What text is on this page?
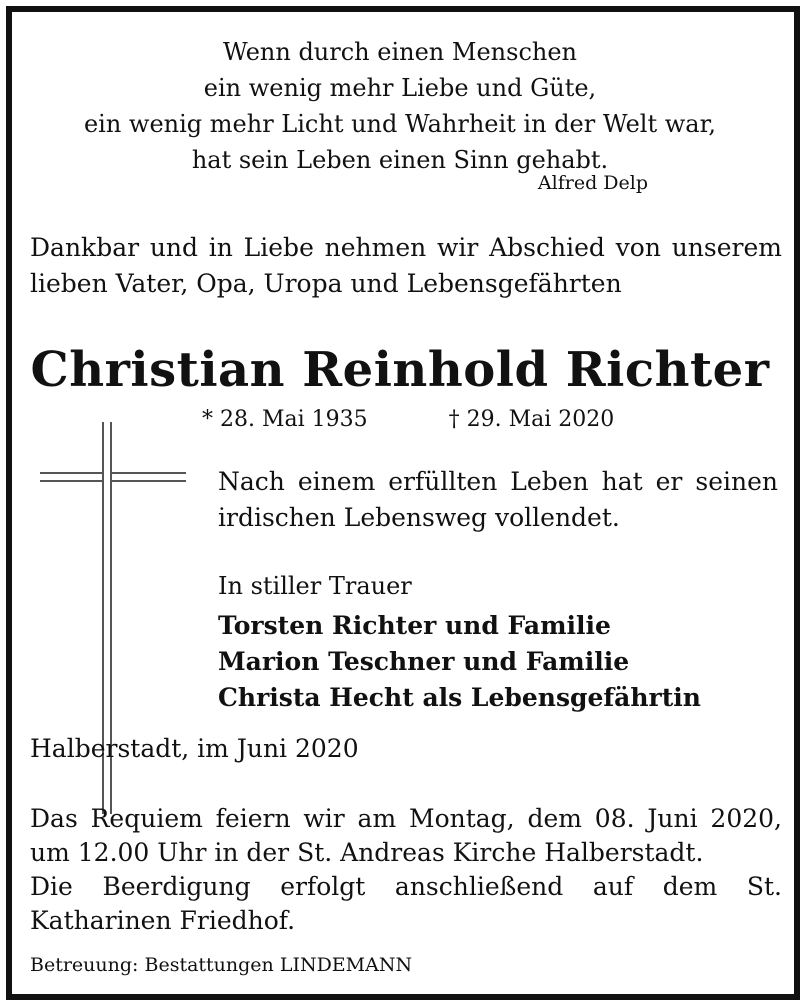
Wenn durch einen Menschen
ein wenig mehr Liebe und Güte,
ein wenig mehr Licht und Wahrheit in der Welt war,
hat sein Leben einen Sinn gehabt.
Alfred Delp
Dankbar und in Liebe nehmen wir Abschied von unserem lieben Vater, Opa, Uropa und Lebensgefährten
Christian Reinhold Richter
* 28. Mai 1935	† 29. Mai 2020
Nach einem erfüllten Leben hat er seinen irdischen Lebensweg vollendet.
In stiller Trauer
Torsten Richter und Familie
Marion Teschner und Familie
Christa Hecht als Lebensgefährtin
Halberstadt, im Juni 2020

Das Requiem feiern wir am Montag, dem 08. Juni 2020, um 12.00 Uhr in der St. Andreas Kirche Halberstadt.

Die Beerdigung erfolgt anschließend auf dem St. Katharinen Friedhof.

Betreuung: Bestattungen LINDEMANN
